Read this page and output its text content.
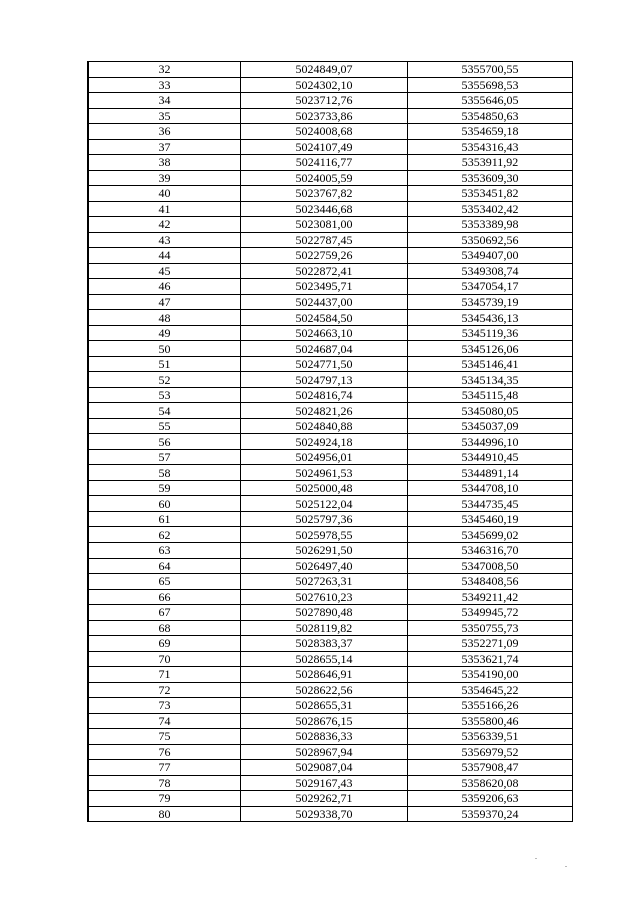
32	5024849,07	5355700,55
33	5024302,10	5355698,53
34	5023712,76	5355646,05
35	5023733,86	5354850,63
36	5024008,68	5354659,18
37	5024107,49	5354316,43
38	5024116,77	5353911,92
39	5024005,59	5353609,30
40	5023767,82	5353451,82
41	5023446,68	5353402,42
42	5023081,00	5353389,98
43	5022787,45	5350692,56
44	5022759,26	5349407,00
45	5022872,41	5349308,74
46	5023495,71	5347054,17
47	5024437,00	5345739,19
48	5024584,50	5345436,13
49	5024663,10	5345119,36
50	5024687,04	5345126,06
51	5024771,50	5345146,41
52	5024797,13	5345134,35
53	5024816,74	5345115,48
54	5024821,26	5345080,05
55	5024840,88	5345037,09
56	5024924,18	5344996,10
57	5024956,01	5344910,45
58	5024961,53	5344891,14
59	5025000,48	5344708,10
60	5025122,04	5344735,45
61	5025797,36	5345460,19
62	5025978,55	5345699,02
63	5026291,50	5346316,70
64	5026497,40	5347008,50
65	5027263,31	5348408,56
66	5027610,23	5349211,42
67	5027890,48	5349945,72
68	5028119,82	5350755,73
69	5028383,37	5352271,09
70	5028655,14	5353621,74
71	5028646,91	5354190,00
72	5028622,56	5354645,22
73	5028655,31	5355166,26
74	5028676,15	5355800,46
75	5028836,33	5356339,51
76	5028967,94	5356979,52
77	5029087,04	5357908,47
78	5029167,43	5358620,08
79	5029262,71	5359206,63
80	5029338,70	5359370,24
